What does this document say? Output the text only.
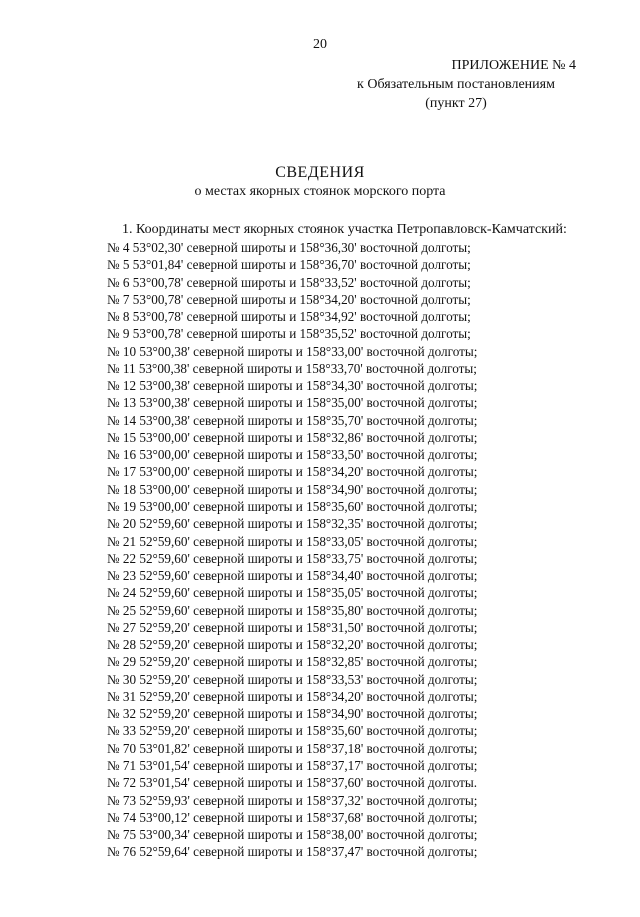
20
ПРИЛОЖЕНИЕ № 4
к Обязательным постановлениям
(пункт 27)
СВЕДЕНИЯ
о местах якорных стоянок морского порта
1. Координаты мест якорных стоянок участка Петропавловск-Камчатский:
№ 4 53°02,30' северной широты и 158°36,30' восточной долготы;
№ 5 53°01,84' северной широты и 158°36,70' восточной долготы;
№ 6 53°00,78' северной широты и 158°33,52' восточной долготы;
№ 7 53°00,78' северной широты и 158°34,20' восточной долготы;
№ 8 53°00,78' северной широты и 158°34,92' восточной долготы;
№ 9 53°00,78' северной широты и 158°35,52' восточной долготы;
№ 10 53°00,38' северной широты и 158°33,00' восточной долготы;
№ 11 53°00,38' северной широты и 158°33,70' восточной долготы;
№ 12 53°00,38' северной широты и 158°34,30' восточной долготы;
№ 13 53°00,38' северной широты и 158°35,00' восточной долготы;
№ 14 53°00,38' северной широты и 158°35,70' восточной долготы;
№ 15 53°00,00' северной широты и 158°32,86' восточной долготы;
№ 16 53°00,00' северной широты и 158°33,50' восточной долготы;
№ 17 53°00,00' северной широты и 158°34,20' восточной долготы;
№ 18 53°00,00' северной широты и 158°34,90' восточной долготы;
№ 19 53°00,00' северной широты и 158°35,60' восточной долготы;
№ 20 52°59,60' северной широты и 158°32,35' восточной долготы;
№ 21 52°59,60' северной широты и 158°33,05' восточной долготы;
№ 22 52°59,60' северной широты и 158°33,75' восточной долготы;
№ 23 52°59,60' северной широты и 158°34,40' восточной долготы;
№ 24 52°59,60' северной широты и 158°35,05' восточной долготы;
№ 25 52°59,60' северной широты и 158°35,80' восточной долготы;
№ 27 52°59,20' северной широты и 158°31,50' восточной долготы;
№ 28 52°59,20' северной широты и 158°32,20' восточной долготы;
№ 29 52°59,20' северной широты и 158°32,85' восточной долготы;
№ 30 52°59,20' северной широты и 158°33,53' восточной долготы;
№ 31 52°59,20' северной широты и 158°34,20' восточной долготы;
№ 32 52°59,20' северной широты и 158°34,90' восточной долготы;
№ 33 52°59,20' северной широты и 158°35,60' восточной долготы;
№ 70 53°01,82' северной широты и 158°37,18' восточной долготы;
№ 71 53°01,54' северной широты и 158°37,17' восточной долготы;
№ 72 53°01,54' северной широты и 158°37,60' восточной долготы.
№ 73 52°59,93' северной широты и 158°37,32' восточной долготы;
№ 74 53°00,12' северной широты и 158°37,68' восточной долготы;
№ 75 53°00,34' северной широты и 158°38,00' восточной долготы;
№ 76 52°59,64' северной широты и 158°37,47' восточной долготы;
